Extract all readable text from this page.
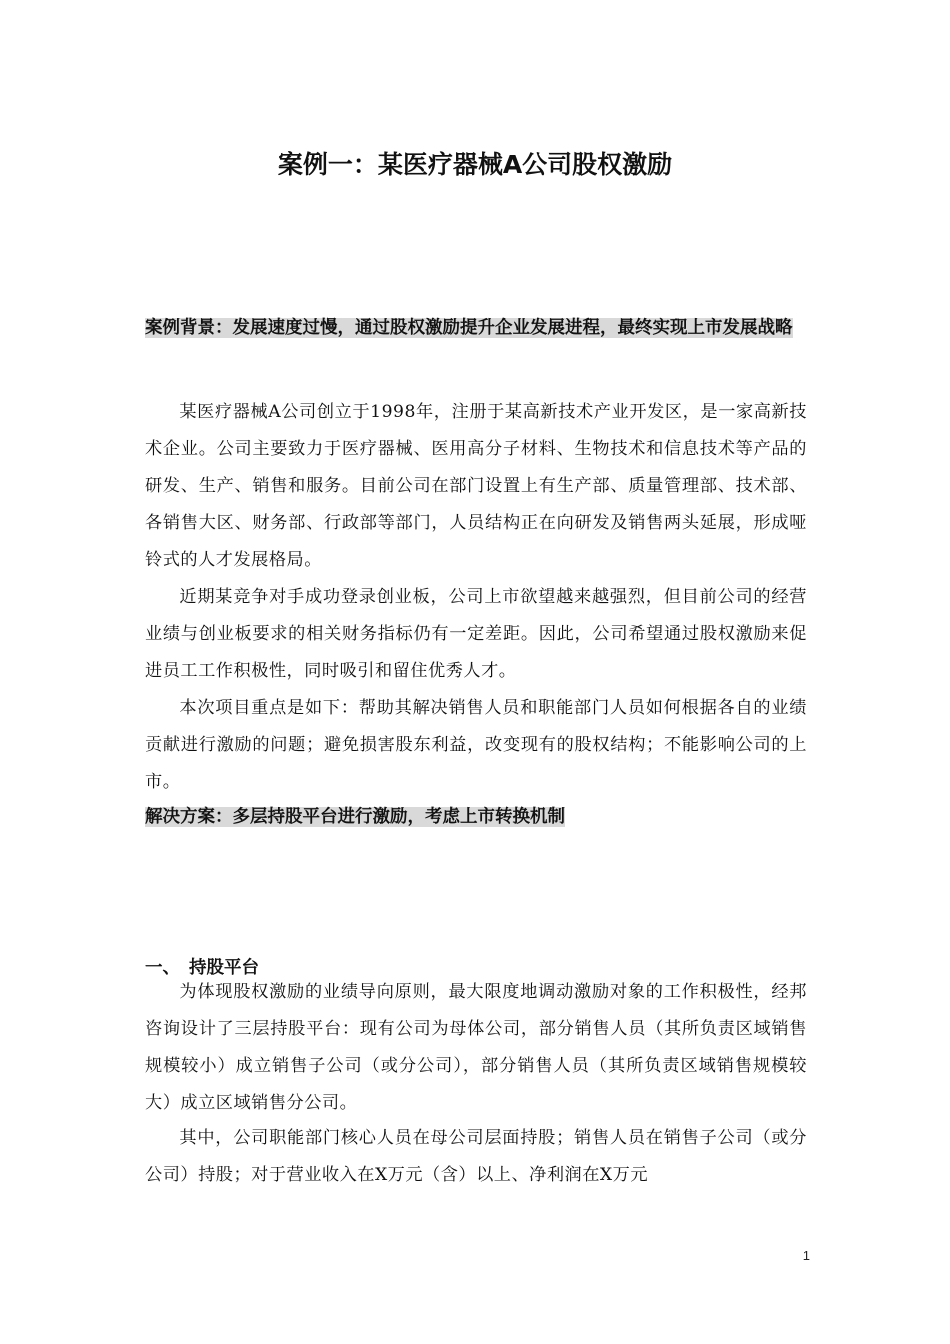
案例一：某医疗器械A公司股权激励

案例背景：发展速度过慢，通过股权激励提升企业发展进程，最终实现上市发展战略

某医疗器械A公司创立于1998年，注册于某高新技术产业开发区，是一家高新技术企业。公司主要致力于医疗器械、医用高分子材料、生物技术和信息技术等产品的研发、生产、销售和服务。目前公司在部门设置上有生产部、质量管理部、技术部、各销售大区、财务部、行政部等部门，人员结构正在向研发及销售两头延展，形成哑铃式的人才发展格局。

近期某竞争对手成功登录创业板，公司上市欲望越来越强烈，但目前公司的经营业绩与创业板要求的相关财务指标仍有一定差距。因此，公司希望通过股权激励来促进员工工作积极性，同时吸引和留住优秀人才。

本次项目重点是如下：帮助其解决销售人员和职能部门人员如何根据各自的业绩贡献进行激励的问题；避免损害股东利益，改变现有的股权结构；不能影响公司的上市。

解决方案：多层持股平台进行激励，考虑上市转换机制

一、 持股平台

为体现股权激励的业绩导向原则，最大限度地调动激励对象的工作积极性，经邦咨询设计了三层持股平台：现有公司为母体公司，部分销售人员（其所负责区域销售规模较小）成立销售子公司（或分公司），部分销售人员（其所负责区域销售规模较大）成立区域销售分公司。

其中，公司职能部门核心人员在母公司层面持股；销售人员在销售子公司（或分公司）持股；对于营业收入在X万元（含）以上、净利润在X万元

1
